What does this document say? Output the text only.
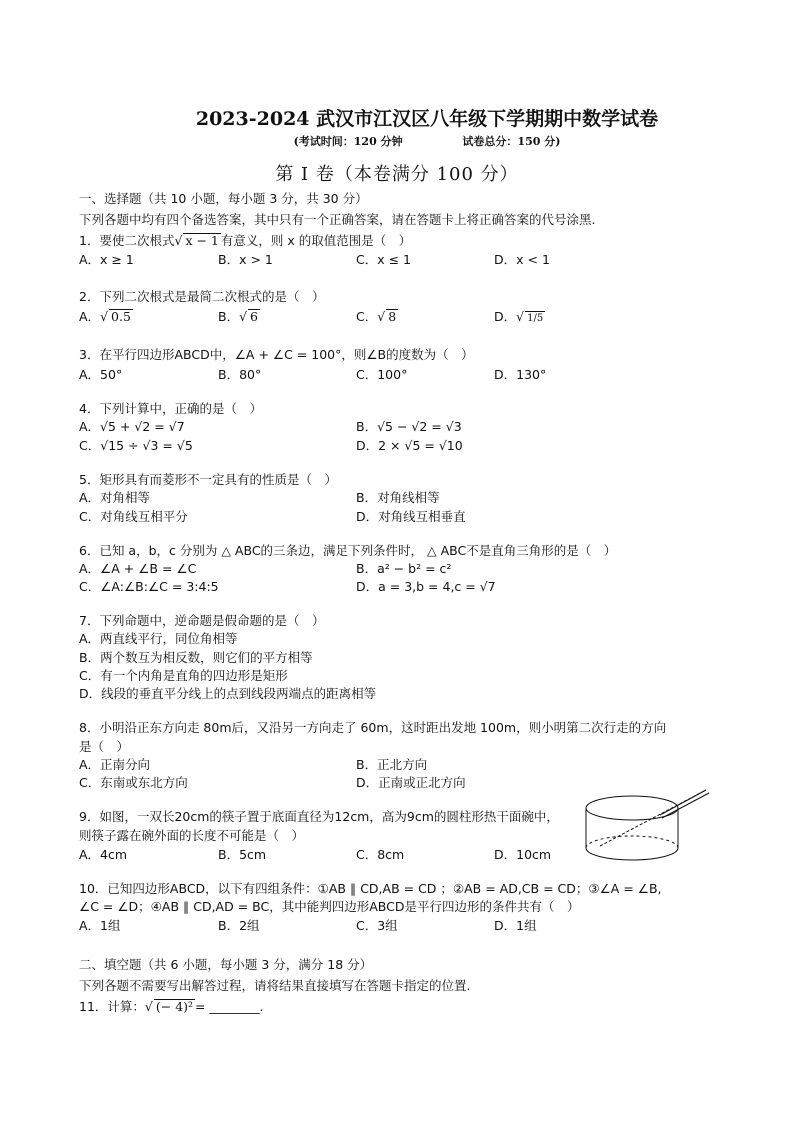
2023-2024 武汉市江汉区八年级下学期期中数学试卷
(考试时间：120 分钟	试卷总分：150 分)
第 I 卷（本卷满分 100 分）
一、选择题（共 10 小题，每小题 3 分，共 30 分）
下列各题中均有四个备选答案，其中只有一个正确答案，请在答题卡上将正确答案的代号涂黑.
1．要使二次根式√ x − 1 有意义，则 x 的取值范围是（　）
A．x ≥ 1	B．x > 1	C．x ≤ 1	D．x < 1
2．下列二次根式是最简二次根式的是（　）
A．√ 0.5	B．√ 6	C．√ 8	D．√ 1/5
3．在平行四边形ABCD中，∠A + ∠C = 100°，则∠B的度数为（　）
A．50°	B．80°	C．100°	D．130°
4．下列计算中，正确的是（　）
A．√5 + √2 = √7	B．√5 − √2 = √3
C．√15 ÷ √3 = √5	D．2 × √5 = √10
5．矩形具有而菱形不一定具有的性质是（　）
A．对角相等	B．对角线相等
C．对角线互相平分	D．对角线互相垂直
6．已知 a，b，c 分别为 △ ABC的三条边，满足下列条件时， △ ABC不是直角三角形的是（　）
A．∠A + ∠B = ∠C	B．a² − b² = c²
C．∠A:∠B:∠C = 3:4:5	D．a = 3,b = 4,c = √7
7．下列命题中，逆命题是假命题的是（　）
A．两直线平行，同位角相等
B．两个数互为相反数，则它们的平方相等
C．有一个内角是直角的四边形是矩形
D．线段的垂直平分线上的点到线段两端点的距离相等
8．小明沿正东方向走 80m后，又沿另一方向走了 60m，这时距出发地 100m，则小明第二次行走的方向
是（　）
A．正南分向	B．正北方向
C．东南或东北方向	D．正南或正北方向
9．如图，一双长20cm的筷子置于底面直径为12cm，高为9cm的圆柱形热干面碗中，
则筷子露在碗外面的长度不可能是（　）
A．4cm	B．5cm	C．8cm	D．10cm
10．已知四边形ABCD，以下有四组条件：①AB ∥ CD,AB = CD ；②AB = AD,CB = CD；③∠A = ∠B,
∠C = ∠D；④AB ∥ CD,AD = BC，其中能判四边形ABCD是平行四边形的条件共有（　）
A．1组	B．2组	C．3组	D．1组
二、填空题（共 6 小题，每小题 3 分，满分 18 分）
下列各题不需要写出解答过程，请将结果直接填写在答题卡指定的位置.
11．计算：√ (− 4)² = ________.
